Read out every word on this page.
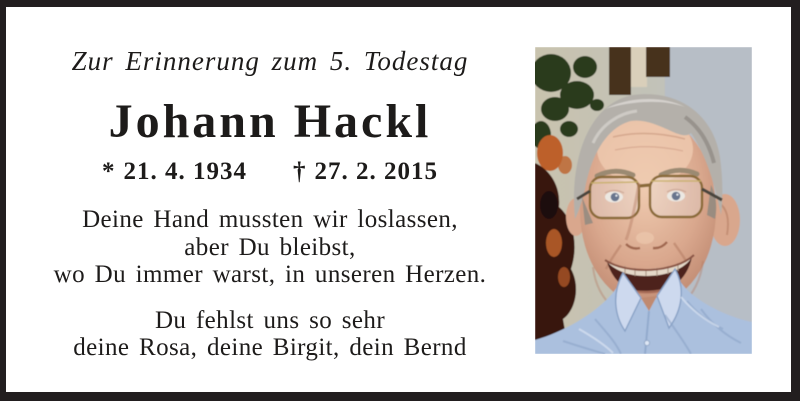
Zur Erinnerung zum 5. Todestag
Johann Hackl
* 21. 4. 1934 † 27. 2. 2015
Deine Hand mussten wir loslassen,
aber Du bleibst,
wo Du immer warst, in unseren Herzen.
Du fehlst uns so sehr
deine Rosa, deine Birgit, dein Bernd
